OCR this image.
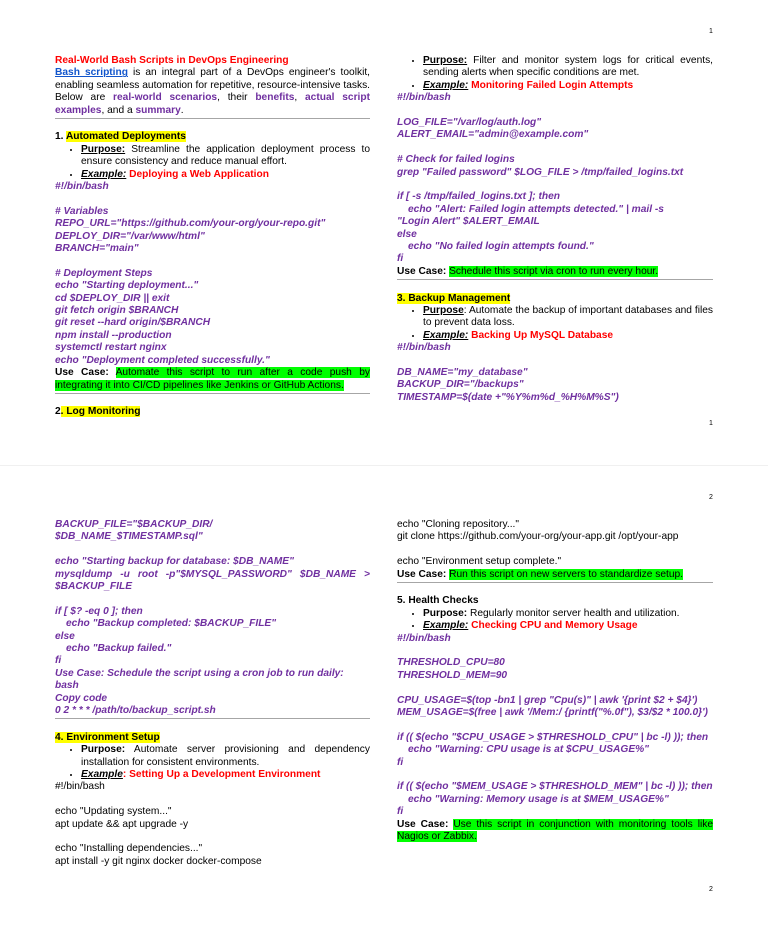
1

Real-World Bash Scripts in DevOps Engineering

Bash scripting is an integral part of a DevOps engineer's toolkit, enabling seamless automation for repetitive, resource-intensive tasks. Below are real-world scenarios, their benefits, actual script examples, and a summary.

1. Automated Deployments

• Purpose: Streamline the application deployment process to ensure consistency and reduce manual effort.
• Example: Deploying a Web Application

#!/bin/bash

# Variables

REPO_URL="https://github.com/your-org/your-repo.git"

DEPLOY_DIR="/var/www/html"

BRANCH="main"

# Deployment Steps

echo "Starting deployment..."

cd $DEPLOY_DIR || exit

git fetch origin $BRANCH

git reset --hard origin/$BRANCH

npm install --production

systemctl restart nginx

echo "Deployment completed successfully."

Use Case: Automate this script to run after a code push by integrating it into CI/CD pipelines like Jenkins or GitHub Actions.

2. Log Monitoring

• Purpose: Filter and monitor system logs for critical events, sending alerts when specific conditions are met.
• Example: Monitoring Failed Login Attempts

#!/bin/bash

LOG_FILE="/var/log/auth.log"

ALERT_EMAIL="admin@example.com"

# Check for failed logins

grep "Failed password" $LOG_FILE > /tmp/failed_logins.txt

if [ -s /tmp/failed_logins.txt ]; then

echo "Alert: Failed login attempts detected." | mail -s

"Login Alert" $ALERT_EMAIL

else

echo "No failed login attempts found."

fi

Use Case: Schedule this script via cron to run every hour.

3. Backup Management

• Purpose: Automate the backup of important databases and files to prevent data loss.
• Example: Backing Up MySQL Database

#!/bin/bash

DB_NAME="my_database"

BACKUP_DIR="/backups"

TIMESTAMP=$(date +"%Y%m%d_%H%M%S")

1
2

BACKUP_FILE="$BACKUP_DIR/

$DB_NAME_$TIMESTAMP.sql"

echo "Starting backup for database: $DB_NAME"

mysqldump -u root -p"$MYSQL_PASSWORD" $DB_NAME > $BACKUP_FILE

if [ $? -eq 0 ]; then

echo "Backup completed: $BACKUP_FILE"

else

echo "Backup failed."

fi

Use Case: Schedule the script using a cron job to run daily:

bash

Copy code

0 2 * * * /path/to/backup_script.sh

4. Environment Setup

• Purpose: Automate server provisioning and dependency installation for consistent environments.
• Example: Setting Up a Development Environment

#!/bin/bash

echo "Updating system..."

apt update && apt upgrade -y

echo "Installing dependencies..."

apt install -y git nginx docker docker-compose

echo "Cloning repository..."

git clone https://github.com/your-org/your-app.git /opt/your-app

echo "Environment setup complete."

Use Case: Run this script on new servers to standardize setup.

5. Health Checks

• Purpose: Regularly monitor server health and utilization.
• Example: Checking CPU and Memory Usage

#!/bin/bash

THRESHOLD_CPU=80

THRESHOLD_MEM=90

CPU_USAGE=$(top -bn1 | grep "Cpu(s)" | awk '{print $2 + $4}')

MEM_USAGE=$(free | awk '/Mem:/ {printf("%.0f"), $3/$2 * 100.0}')

if (( $(echo "$CPU_USAGE > $THRESHOLD_CPU" | bc -l) )); then

echo "Warning: CPU usage is at $CPU_USAGE%"

fi

if (( $(echo "$MEM_USAGE > $THRESHOLD_MEM" | bc -l) )); then

echo "Warning: Memory usage is at $MEM_USAGE%"

fi

Use Case: Use this script in conjunction with monitoring tools like Nagios or Zabbix.

2
